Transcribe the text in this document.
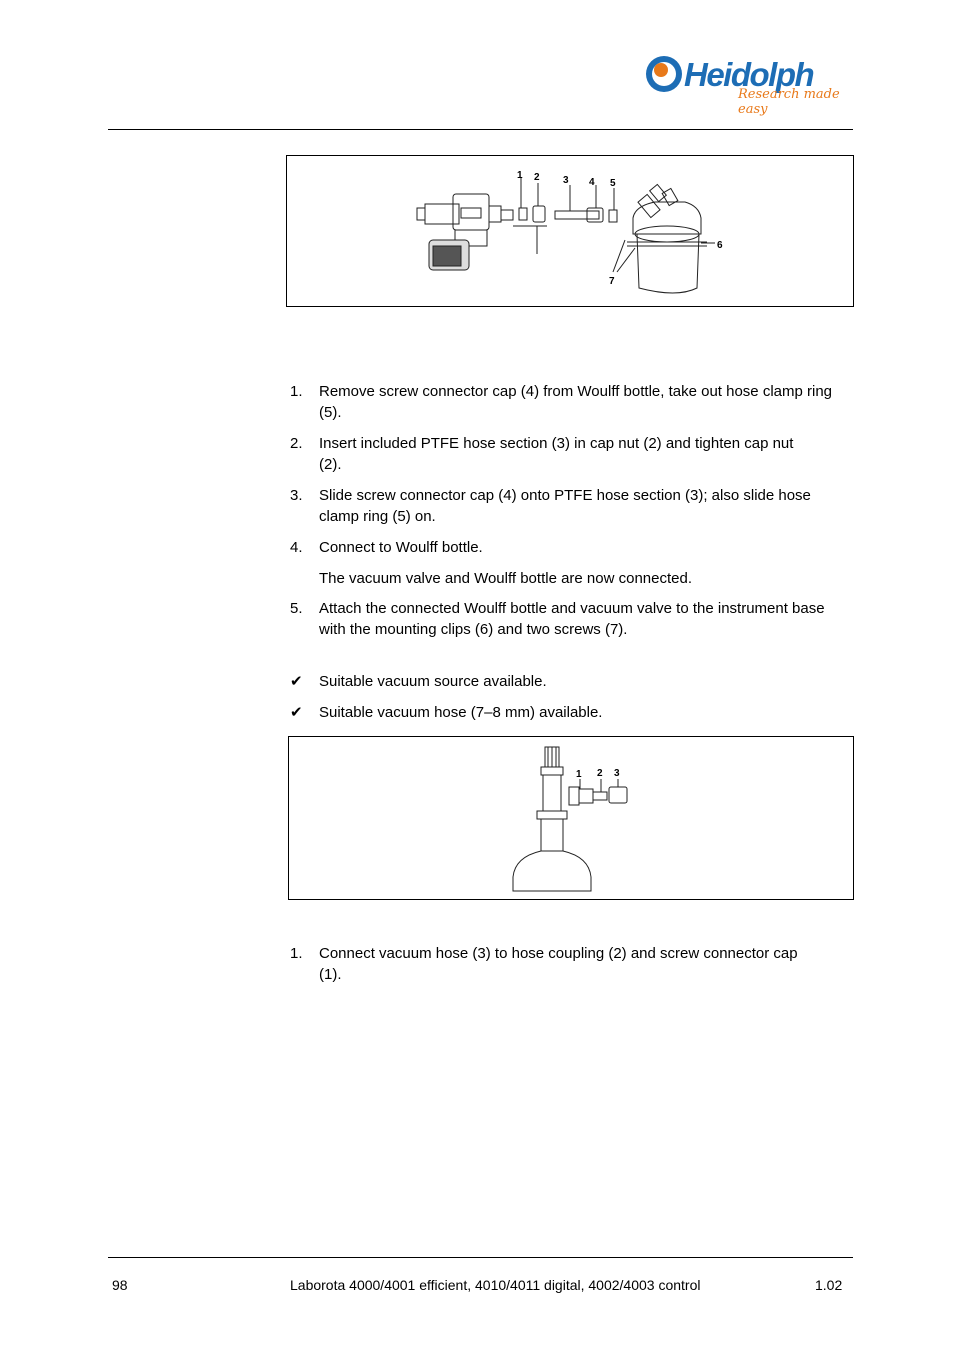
Heidolph
Research made easy
1 2 3 4 5
6
7
1. Remove screw connector cap (4) from Woulff bottle, take out hose clamp ring (5).
2. Insert included PTFE hose section (3) in cap nut (2) and tighten cap nut (2).
3. Slide screw connector cap (4) onto PTFE hose section (3); also slide hose clamp ring (5) on.
4. Connect to Woulff bottle.
The vacuum valve and Woulff bottle are now connected.
5. Attach the connected Woulff bottle and vacuum valve to the instrument base with the mounting clips (6) and two screws (7).
✔ Suitable vacuum source available.
✔ Suitable vacuum hose (7–8 mm) available.
1 2 3
1. Connect vacuum hose (3) to hose coupling (2) and screw connector cap (1).
98	Laborota 4000/4001 efficient, 4010/4011 digital, 4002/4003 control	1.02
